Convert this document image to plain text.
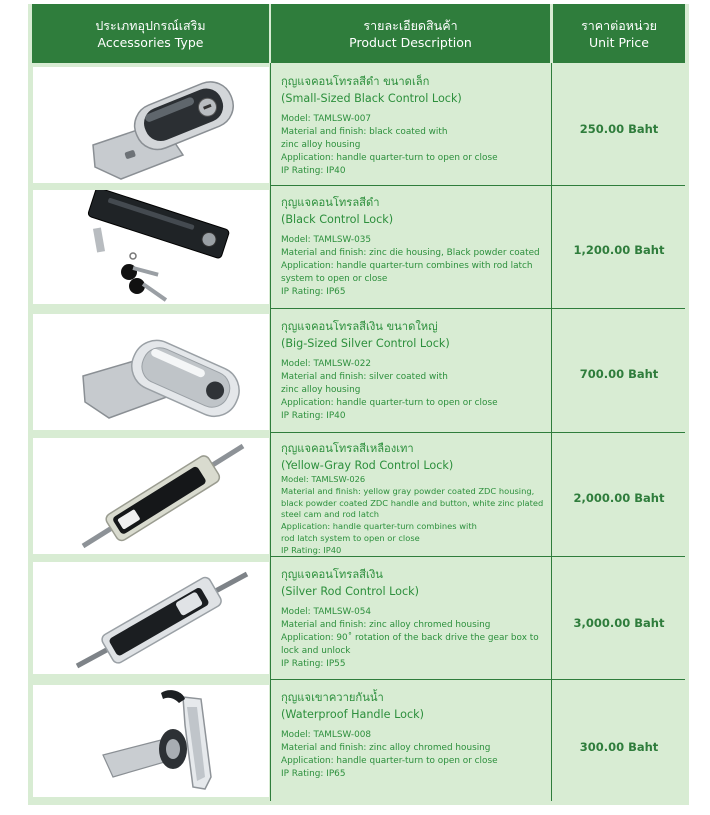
ประเภทอุปกรณ์เสริม
Accessories Type
รายละเอียดสินค้า
Product Description
ราคาต่อหน่วย
Unit Price
กุญแจคอนโทรลสีดำ ขนาดเล็ก
(Small-Sized Black Control Lock)
Model: TAMLSW-007
Material and finish: black coated with
zinc alloy housing
Application: handle quarter-turn to open or close
IP Rating: IP40
250.00 Baht
กุญแจคอนโทรลสีดำ
(Black Control Lock)
Model: TAMLSW-035
Material and finish: zinc die housing, Black powder coated
Application: handle quarter-turn combines with rod latch
system to open or close
IP Rating: IP65
1,200.00 Baht
กุญแจคอนโทรลสีเงิน ขนาดใหญ่
(Big-Sized Silver Control Lock)
Model: TAMLSW-022
Material and finish: silver coated with
zinc alloy housing
Application: handle quarter-turn to open or close
IP Rating: IP40
700.00 Baht
กุญแจคอนโทรลสีเหลืองเทา
(Yellow-Gray Rod Control Lock)
Model: TAMLSW-026
Material and finish: yellow gray powder coated ZDC housing,
black powder coated ZDC handle and button, white zinc plated
steel cam and rod latch
Application: handle quarter-turn combines with
rod latch system to open or close
IP Rating: IP40
2,000.00 Baht
กุญแจคอนโทรลสีเงิน
(Silver Rod Control Lock)
Model: TAMLSW-054
Material and finish: zinc alloy chromed housing
Application: 90˚ rotation of the back drive the gear box to
lock and unlock
IP Rating: IP55
3,000.00 Baht
กุญแจเขาควายกันน้ำ
(Waterproof Handle Lock)
Model: TAMLSW-008
Material and finish: zinc alloy chromed housing
Application: handle quarter-turn to open or close
IP Rating: IP65
300.00 Baht
